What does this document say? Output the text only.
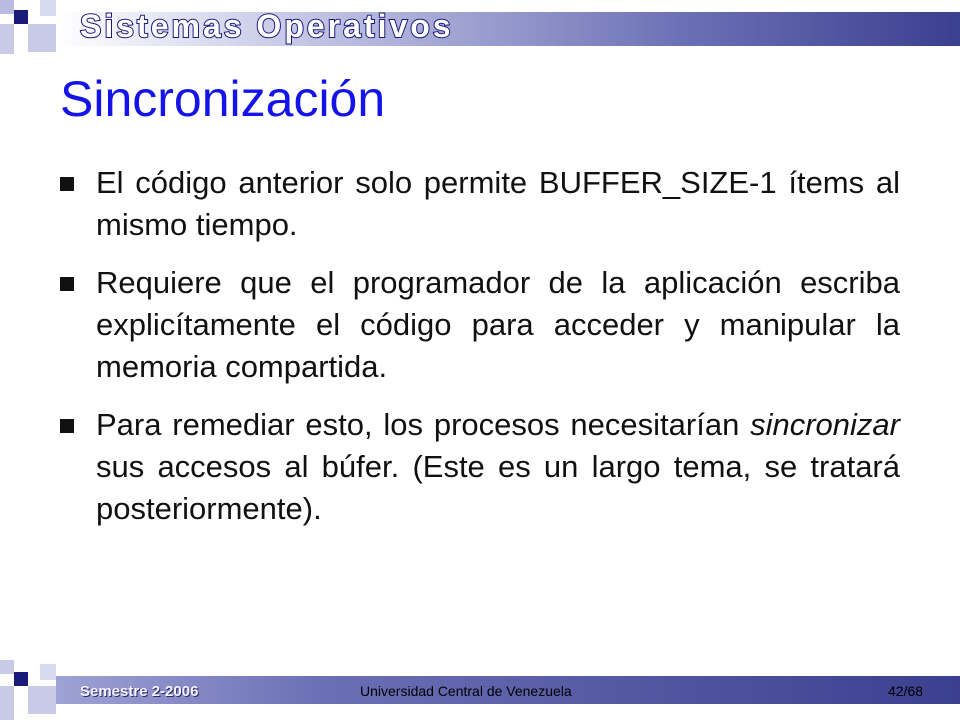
Sistemas Operativos
Sincronización
El código anterior solo permite BUFFER_SIZE-1 ítems al mismo tiempo.
Requiere que el programador de la aplicación escriba explicítamente el código para acceder y manipular la memoria compartida.
Para remediar esto, los procesos necesitarían sincronizar sus accesos al búfer. (Este es un largo tema, se tratará posteriormente).
Semestre 2-2006	Universidad Central de Venezuela	42/68
